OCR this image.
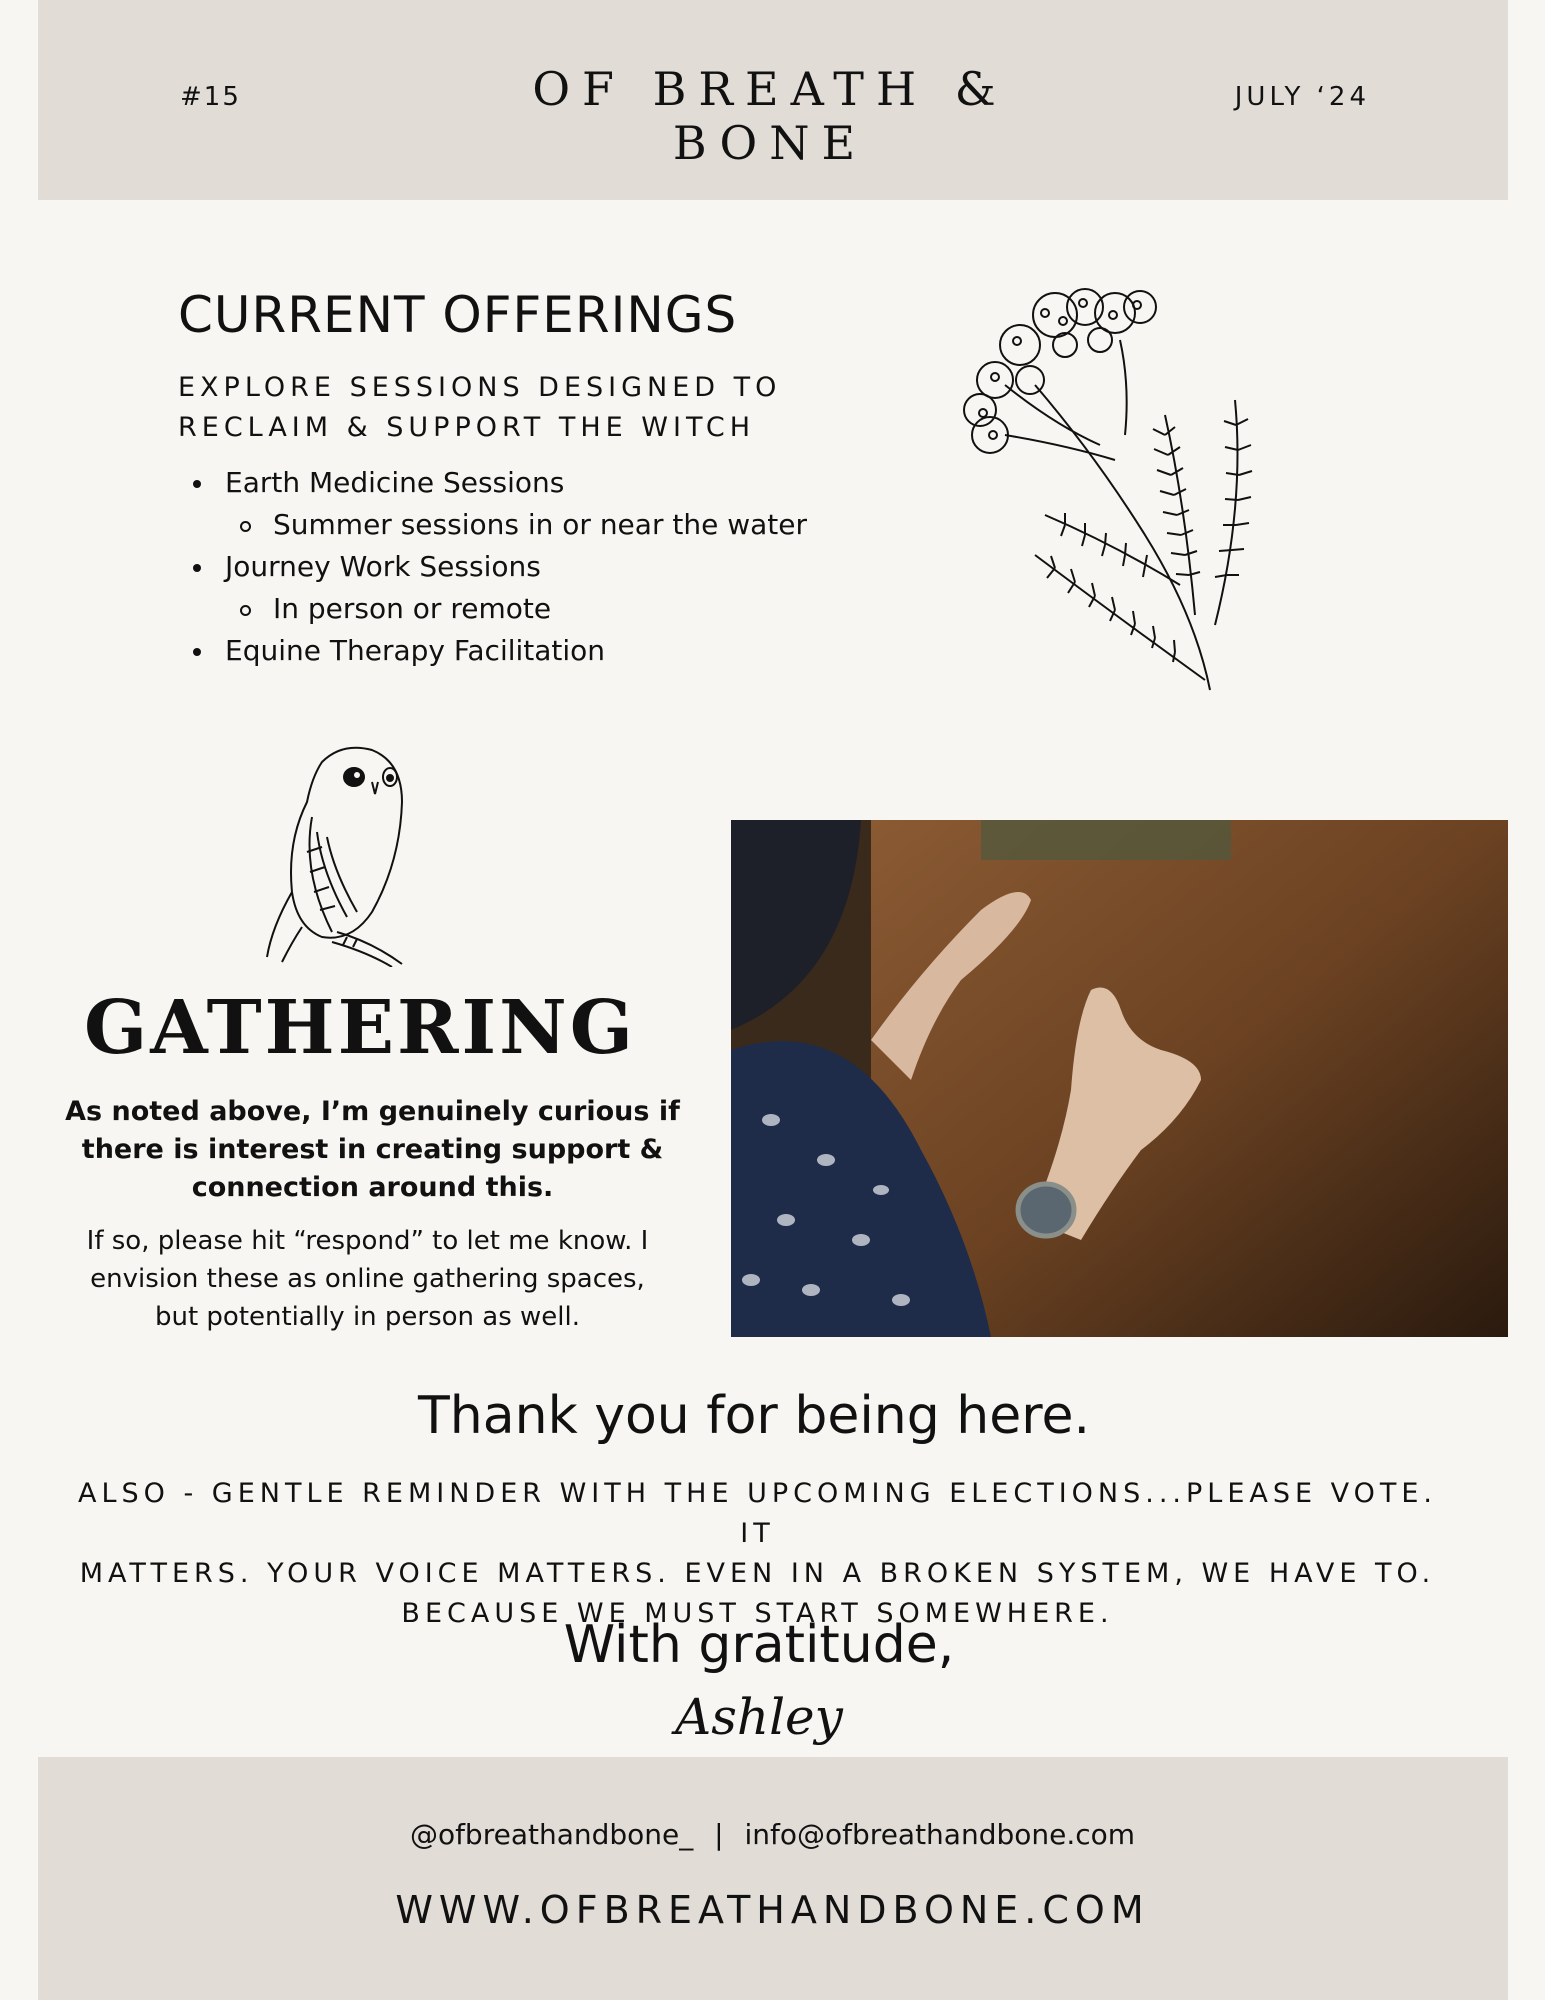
#15	OF BREATH & BONE
JULY ‘24
CURRENT OFFERINGS
EXPLORE SESSIONS DESIGNED TO
RECLAIM & SUPPORT THE WITCH
Earth Medicine Sessions
Summer sessions in or near the water
Journey Work Sessions
In person or remote
Equine Therapy Facilitation
GATHERING
As noted above, I’m genuinely curious if
there is interest in creating support &
connection around this.
If so, please hit “respond” to let me know. I
envision these as online gathering spaces,
but potentially in person as well.
Thank you for being here.
ALSO - GENTLE REMINDER WITH THE UPCOMING ELECTIONS...PLEASE VOTE. IT
MATTERS. YOUR VOICE MATTERS. EVEN IN A BROKEN SYSTEM, WE HAVE TO.
BECAUSE WE MUST START SOMEWHERE.
With gratitude,
Ashley
@ofbreathandbone_ | info@ofbreathandbone.com
WWW.OFBREATHANDBONE.COM
